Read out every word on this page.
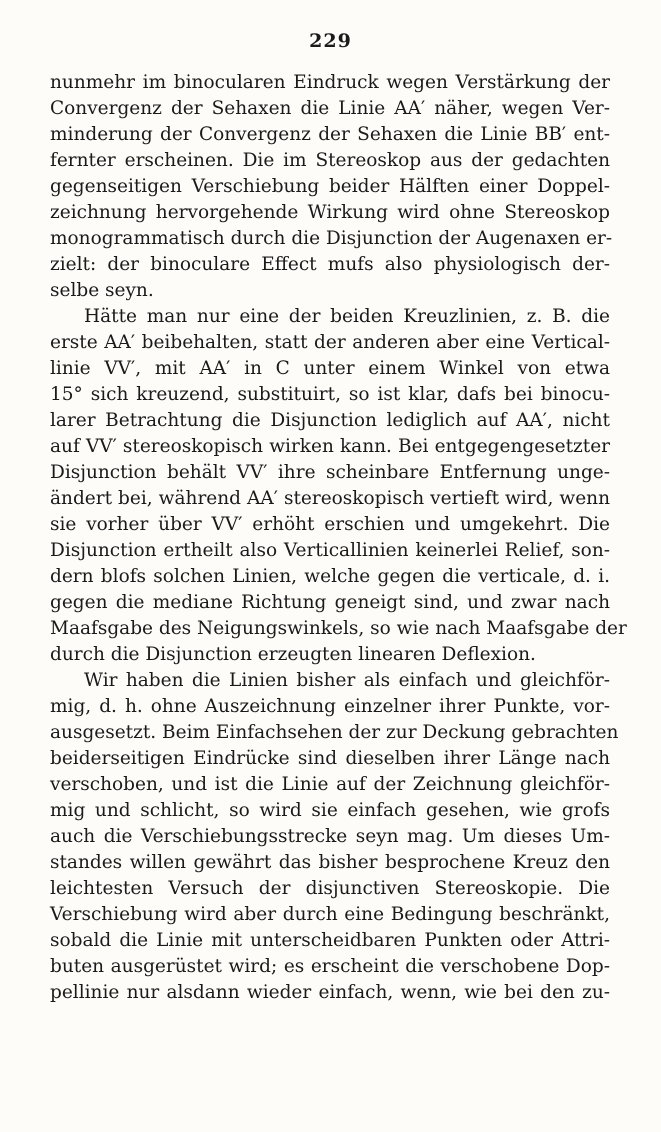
229
nunmehr im binocularen Eindruck wegen Verstärkung der
Convergenz der Sehaxen die Linie AA′ näher, wegen Ver-
minderung der Convergenz der Sehaxen die Linie BB′ ent-
fernter erscheinen. Die im Stereoskop aus der gedachten
gegenseitigen Verschiebung beider Hälften einer Doppel-
zeichnung hervorgehende Wirkung wird ohne Stereoskop
monogrammatisch durch die Disjunction der Augenaxen er-
zielt: der binoculare Effect mufs also physiologisch der-
selbe seyn.
Hätte man nur eine der beiden Kreuzlinien, z. B. die
erste AA′ beibehalten, statt der anderen aber eine Vertical-
linie VV′, mit AA′ in C unter einem Winkel von etwa
15° sich kreuzend, substituirt, so ist klar, dafs bei binocu-
larer Betrachtung die Disjunction lediglich auf AA′, nicht
auf VV′ stereoskopisch wirken kann. Bei entgegengesetzter
Disjunction behält VV′ ihre scheinbare Entfernung unge-
ändert bei, während AA′ stereoskopisch vertieft wird, wenn
sie vorher über VV′ erhöht erschien und umgekehrt. Die
Disjunction ertheilt also Verticallinien keinerlei Relief, son-
dern blofs solchen Linien, welche gegen die verticale, d. i.
gegen die mediane Richtung geneigt sind, und zwar nach
Maafsgabe des Neigungswinkels, so wie nach Maafsgabe der
durch die Disjunction erzeugten linearen Deflexion.
Wir haben die Linien bisher als einfach und gleichför-
mig, d. h. ohne Auszeichnung einzelner ihrer Punkte, vor-
ausgesetzt. Beim Einfachsehen der zur Deckung gebrachten
beiderseitigen Eindrücke sind dieselben ihrer Länge nach
verschoben, und ist die Linie auf der Zeichnung gleichför-
mig und schlicht, so wird sie einfach gesehen, wie grofs
auch die Verschiebungsstrecke seyn mag. Um dieses Um-
standes willen gewährt das bisher besprochene Kreuz den
leichtesten Versuch der disjunctiven Stereoskopie. Die
Verschiebung wird aber durch eine Bedingung beschränkt,
sobald die Linie mit unterscheidbaren Punkten oder Attri-
buten ausgerüstet wird; es erscheint die verschobene Dop-
pellinie nur alsdann wieder einfach, wenn, wie bei den zu-
